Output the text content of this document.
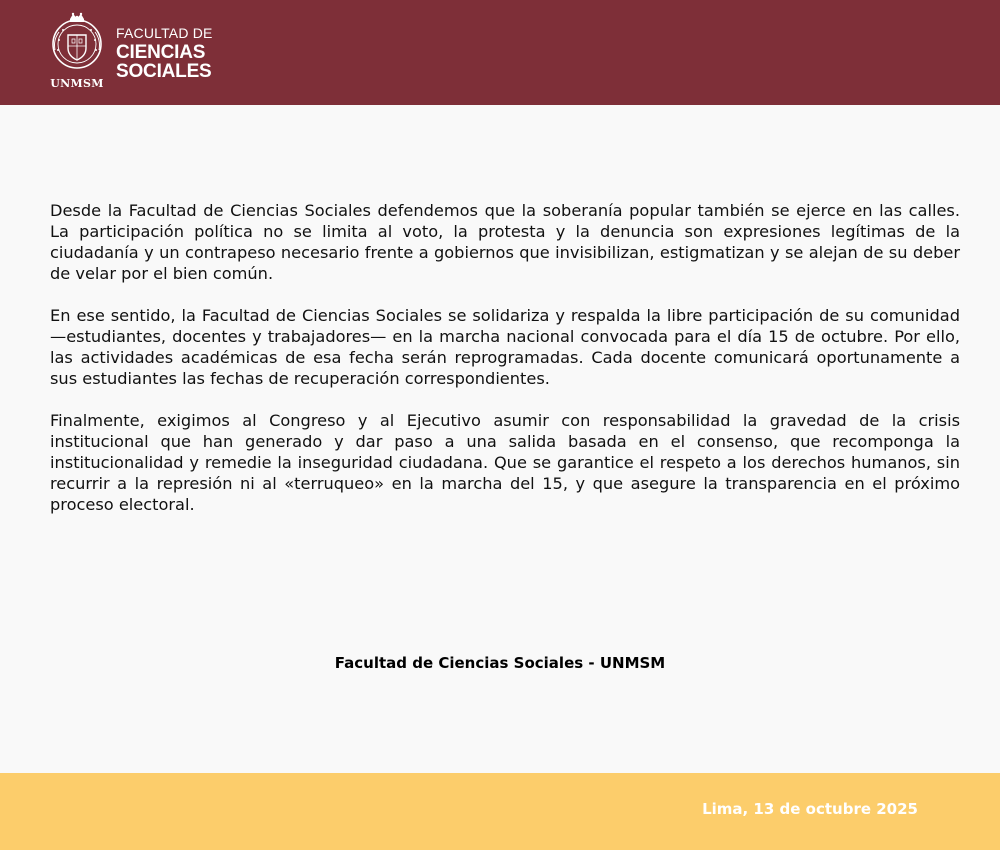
UNMSM
FACULTAD DE
CIENCIAS
SOCIALES

Desde la Facultad de Ciencias Sociales defendemos que la soberanía popular también se ejerce en las calles. La participación política no se limita al voto, la protesta y la denuncia son expresiones legítimas de la ciudadanía y un contrapeso necesario frente a gobiernos que invisibilizan, estigmatizan y se alejan de su deber de velar por el bien común.

En ese sentido, la Facultad de Ciencias Sociales se solidariza y respalda la libre participación de su comunidad —estudiantes, docentes y trabajadores— en la marcha nacional convocada para el día 15 de octubre. Por ello, las actividades académicas de esa fecha serán reprogramadas. Cada docente comunicará oportunamente a sus estudiantes las fechas de recuperación correspondientes.

Finalmente, exigimos al Congreso y al Ejecutivo asumir con responsabilidad la gravedad de la crisis institucional que han generado y dar paso a una salida basada en el consenso, que recomponga la institucionalidad y remedie la inseguridad ciudadana. Que se garantice el respeto a los derechos humanos, sin recurrir a la represión ni al «terruqueo» en la marcha del 15, y que asegure la transparencia en el próximo proceso electoral.

Facultad de Ciencias Sociales - UNMSM
Lima, 13 de octubre 2025
